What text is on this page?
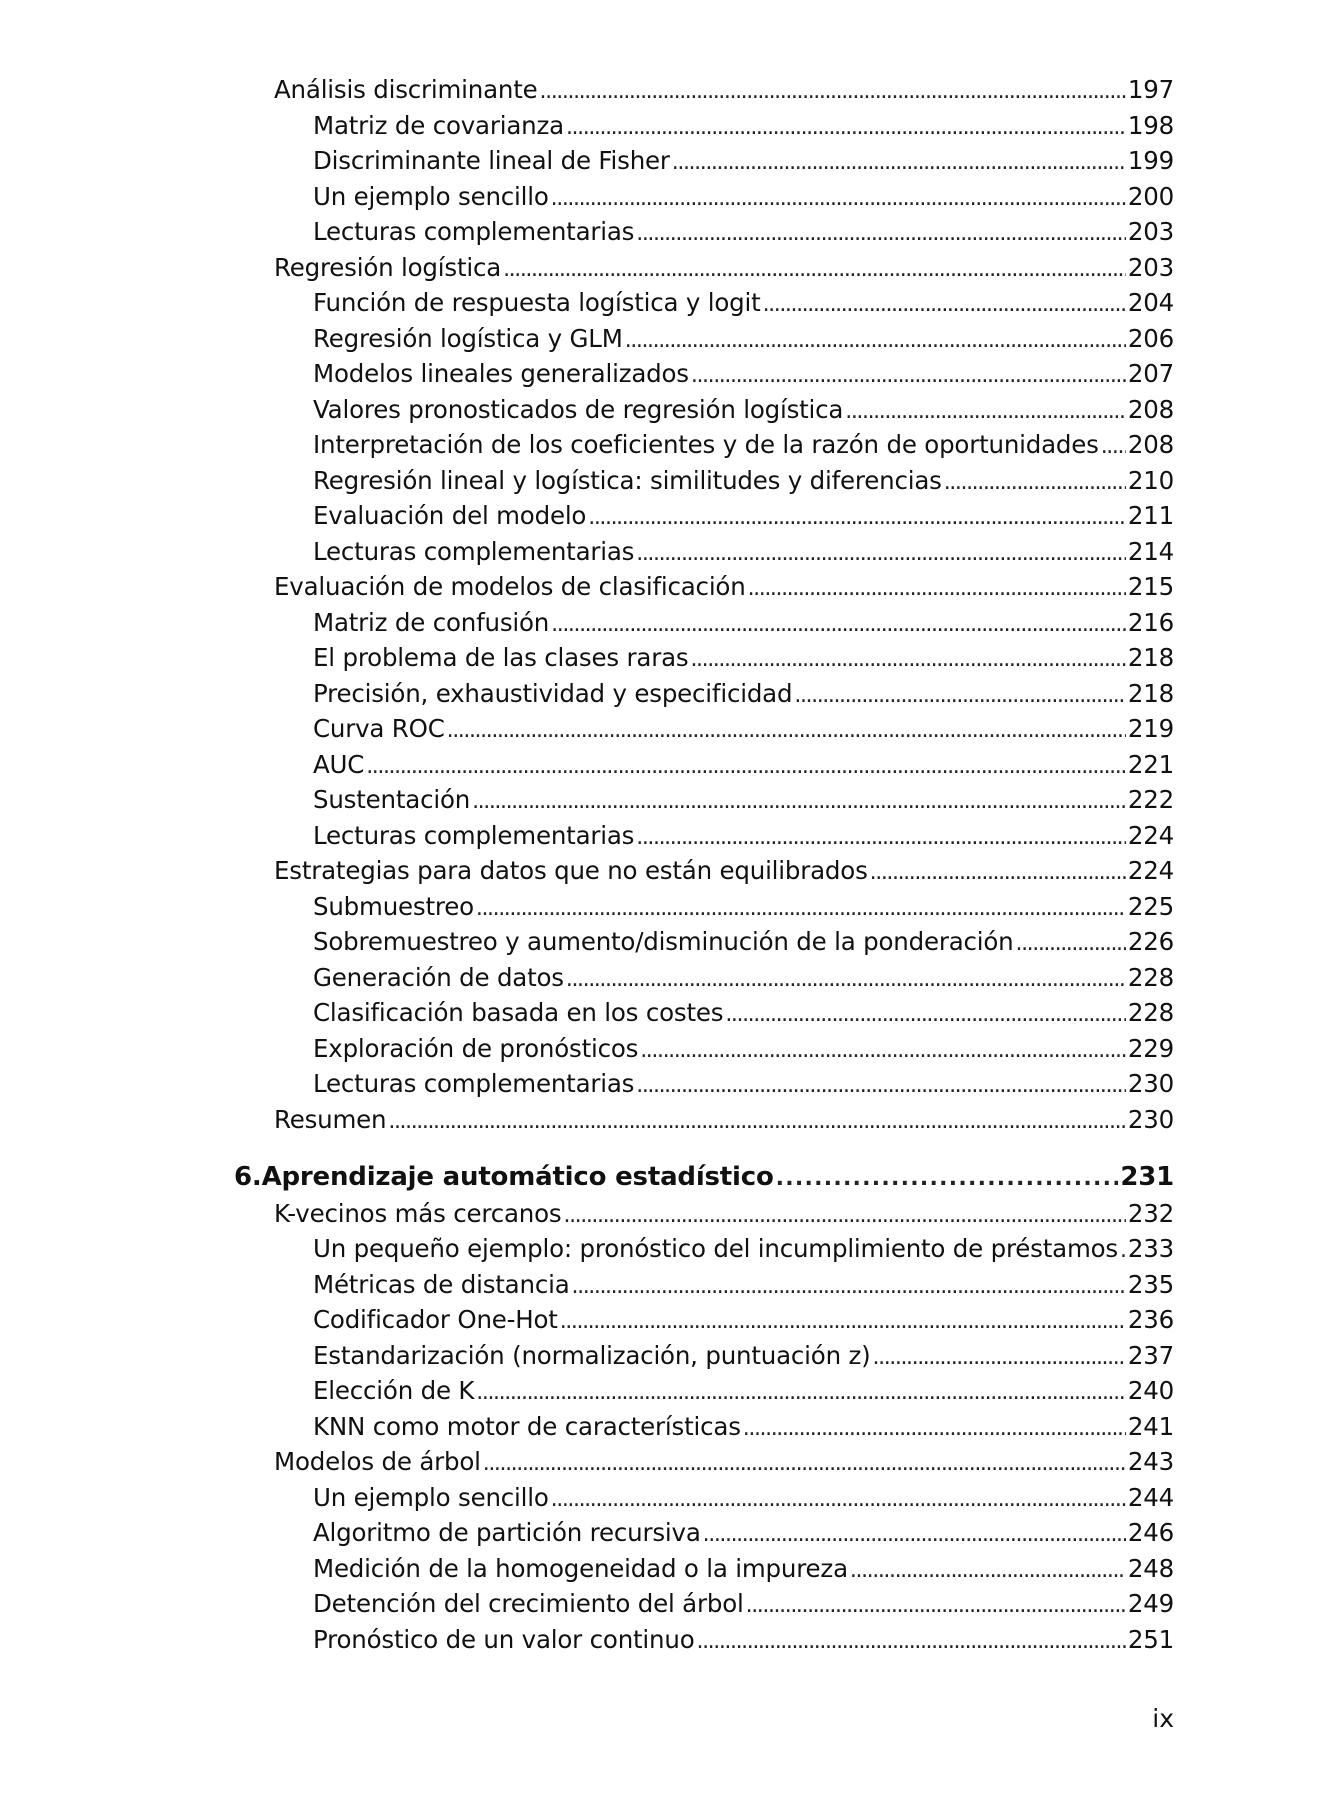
Análisis discriminante . . .	197
Matriz de covarianza . . .	198
Discriminante lineal de Fisher . . .	199
Un ejemplo sencillo . . .	200
Lecturas complementarias . . .	203
Regresión logística . . .	203
Función de respuesta logística y logit . . .	204
Regresión logística y GLM . . .	206
Modelos lineales generalizados . . .	207
Valores pronosticados de regresión logística . . .	208
Interpretación de los coeficientes y de la razón de oportunidades . . . 208
Regresión lineal y logística: similitudes y diferencias . . .	210
Evaluación del modelo . . .	211
Lecturas complementarias . . .	214
Evaluación de modelos de clasificación . . .	215
Matriz de confusión . . .	216
El problema de las clases raras . . .	218
Precisión, exhaustividad y especificidad . . .	218
Curva ROC . . .	219
AUC . . .	221
Sustentación . . .	222
Lecturas complementarias . . .	224
Estrategias para datos que no están equilibrados . . .	224
Submuestreo . . .	225
Sobremuestreo y aumento/disminución de la ponderación . . .	226
Generación de datos . . .	228
Clasificación basada en los costes . . .	228
Exploración de pronósticos . . .	229
Lecturas complementarias . . .	230
Resumen . . .	230
6. Aprendizaje automático estadístico . . .	231
K-vecinos más cercanos . . .	232
Un pequeño ejemplo: pronóstico del incumplimiento de préstamos . . . 233
Métricas de distancia . . .	235
Codificador One-Hot . . .	236
Estandarización (normalización, puntuación z) . . .	237
Elección de K . . .	240
KNN como motor de características . . .	241
Modelos de árbol . . .	243
Un ejemplo sencillo . . .	244
Algoritmo de partición recursiva . . .	246
Medición de la homogeneidad o la impureza . . .	248
Detención del crecimiento del árbol . . .	249
Pronóstico de un valor continuo . . .	251
ix
